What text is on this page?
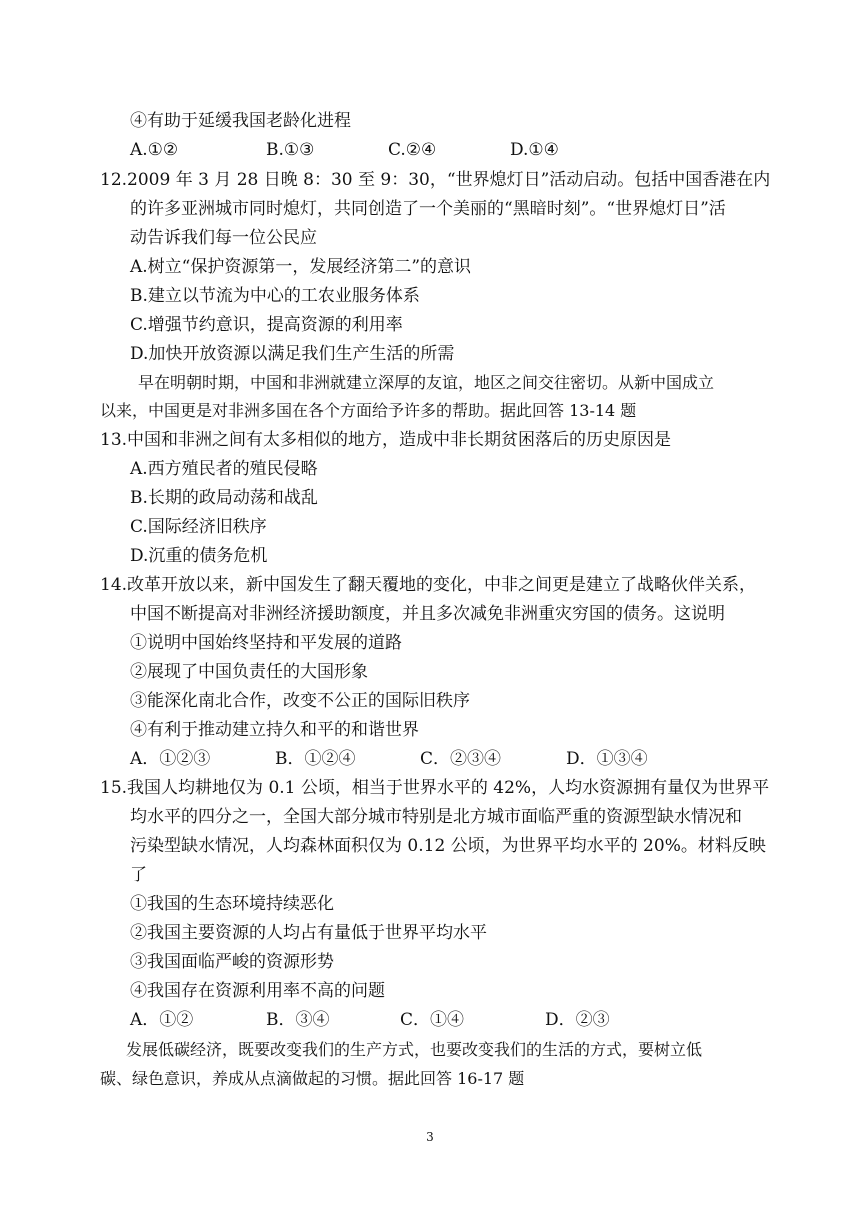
④有助于延缓我国老龄化进程
A.①②	B.①③	C.②④	D.①④
12.2009 年 3 月 28 日晚 8：30 至 9：30，“世界熄灯日”活动启动。包括中国香港在内
的许多亚洲城市同时熄灯，共同创造了一个美丽的“黑暗时刻”。“世界熄灯日”活
动告诉我们每一位公民应
A.树立“保护资源第一，发展经济第二”的意识
B.建立以节流为中心的工农业服务体系
C.增强节约意识，提高资源的利用率
D.加快开放资源以满足我们生产生活的所需
早在明朝时期，中国和非洲就建立深厚的友谊，地区之间交往密切。从新中国成立
以来，中国更是对非洲多国在各个方面给予许多的帮助。据此回答 13-14 题
13.中国和非洲之间有太多相似的地方，造成中非长期贫困落后的历史原因是
A.西方殖民者的殖民侵略
B.长期的政局动荡和战乱
C.国际经济旧秩序
D.沉重的债务危机
14.改革开放以来，新中国发生了翻天覆地的变化，中非之间更是建立了战略伙伴关系，
中国不断提高对非洲经济援助额度，并且多次减免非洲重灾穷国的债务。这说明
①说明中国始终坚持和平发展的道路
②展现了中国负责任的大国形象
③能深化南北合作，改变不公正的国际旧秩序
④有利于推动建立持久和平的和谐世界
A．①②③	B．①②④	C．②③④	D．①③④
15.我国人均耕地仅为 0.1 公顷，相当于世界水平的 42%，人均水资源拥有量仅为世界平
均水平的四分之一，全国大部分城市特别是北方城市面临严重的资源型缺水情况和
污染型缺水情况，人均森林面积仅为 0.12 公顷，为世界平均水平的 20%。材料反映
了
①我国的生态环境持续恶化
②我国主要资源的人均占有量低于世界平均水平
③我国面临严峻的资源形势
④我国存在资源利用率不高的问题
A．①②	B．③④	C．①④	D．②③
发展低碳经济，既要改变我们的生产方式，也要改变我们的生活的方式，要树立低
碳、绿色意识，养成从点滴做起的习惯。据此回答 16-17 题
3
